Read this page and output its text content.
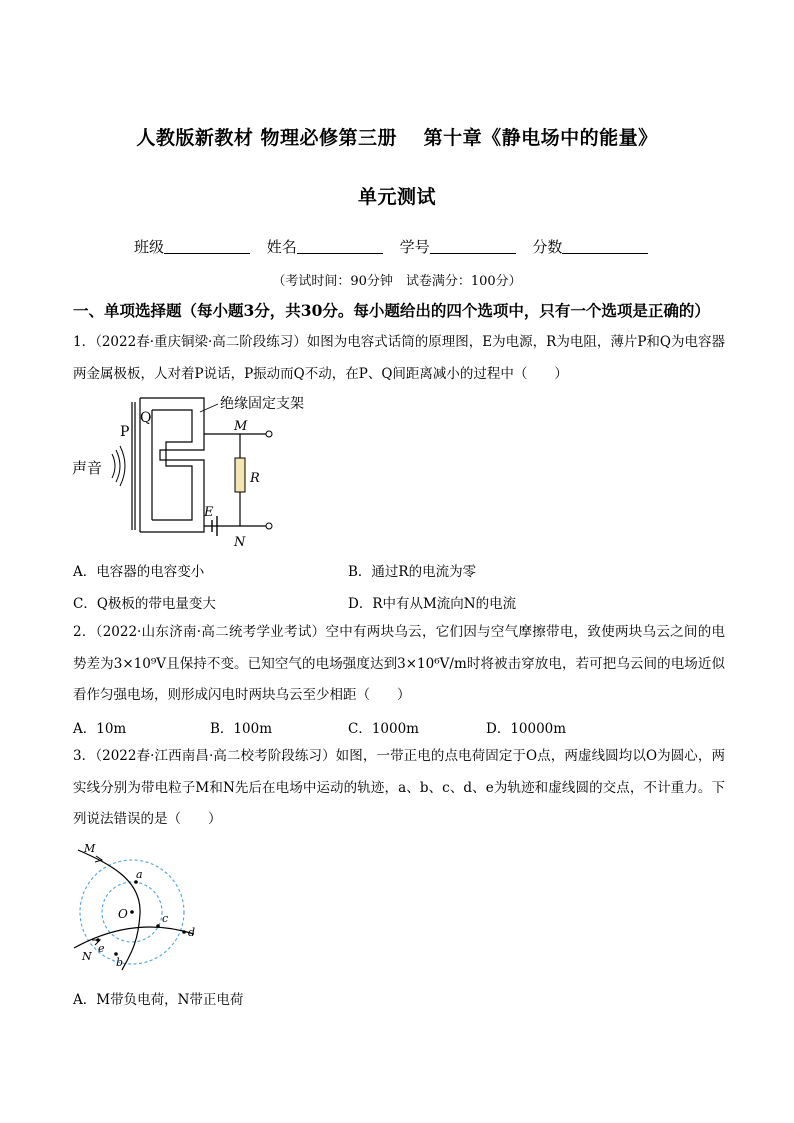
人教版新教材 物理必修第三册　 第十章《静电场中的能量》
单元测试
班级	姓名	学号	分数
（考试时间：90分钟　试卷满分：100分）
一、单项选择题（每小题3分，共30分。每小题给出的四个选项中，只有一个选项是正确的）
1．（2022春·重庆铜梁·高二阶段练习）如图为电容式话筒的原理图，E为电源，R为电阻，薄片P和Q为电容器两金属极板，人对着P说话，P振动而Q不动，在P、Q间距离减小的过程中（　　）
绝缘固定支架
声音
P
Q
M
N
R
E
A．电容器的电容变小	B．通过R的电流为零
C．Q极板的带电量变大	D．R中有从M流向N的电流
2．（2022·山东济南·高二统考学业考试）空中有两块乌云，它们因与空气摩擦带电，致使两块乌云之间的电势差为3×10⁹V且保持不变。已知空气的电场强度达到3×10⁶V/m时将被击穿放电，若可把乌云间的电场近似看作匀强电场，则形成闪电时两块乌云至少相距（　　）
A．10m	B．100m	C．1000m	D．10000m
3．（2022春·江西南昌·高二校考阶段练习）如图，一带正电的点电荷固定于O点，两虚线圆均以O为圆心，两实线分别为带电粒子M和N先后在电场中运动的轨迹，a、b、c、d、e为轨迹和虚线圆的交点，不计重力。下列说法错误的是（　　）
M
N
O
a
b
c
d
e
A．M带负电荷，N带正电荷
